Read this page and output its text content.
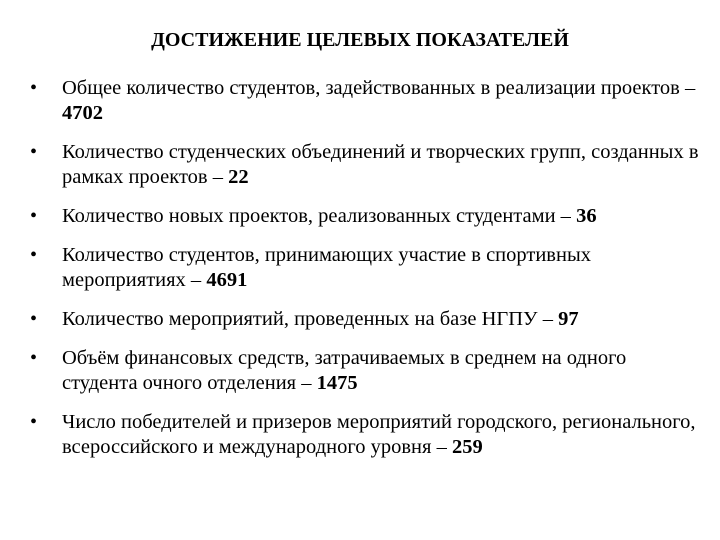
ДОСТИЖЕНИЕ ЦЕЛЕВЫХ ПОКАЗАТЕЛЕЙ
• Общее количество студентов, задействованных в реализации проектов – 4702
• Количество студенческих объединений и творческих групп, созданных в рамках проектов – 22
• Количество новых проектов, реализованных студентами – 36
• Количество студентов, принимающих участие в спортивных мероприятиях – 4691
• Количество мероприятий, проведенных на базе НГПУ – 97
• Объём финансовых средств, затрачиваемых в среднем на одного студента очного отделения – 1475
• Число победителей и призеров мероприятий городского, регионального, всероссийского и международного уровня – 259
